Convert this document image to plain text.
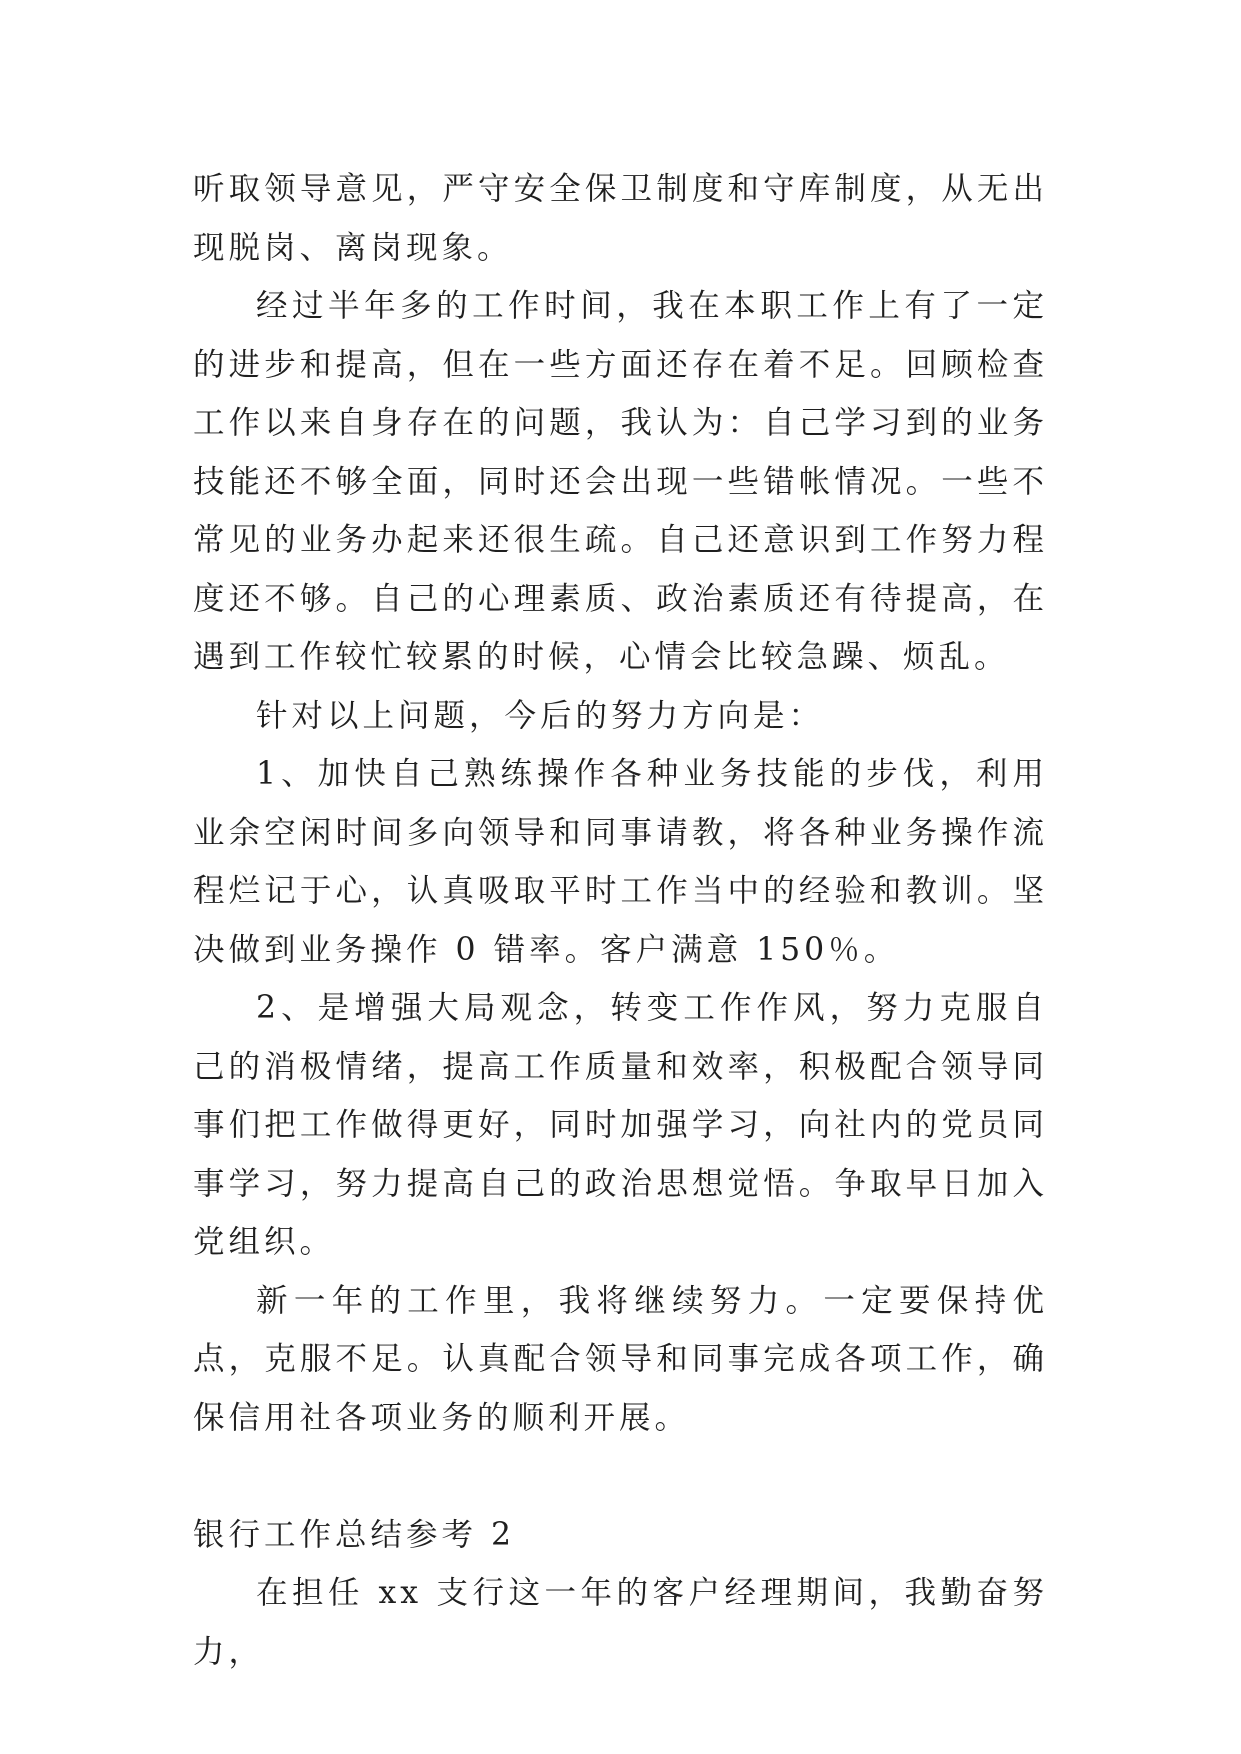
听取领导意见，严守安全保卫制度和守库制度，从无出现脱岗、离岗现象。

经过半年多的工作时间，我在本职工作上有了一定的进步和提高，但在一些方面还存在着不足。回顾检查工作以来自身存在的问题，我认为：自己学习到的业务技能还不够全面，同时还会出现一些错帐情况。一些不常见的业务办起来还很生疏。自己还意识到工作努力程度还不够。自己的心理素质、政治素质还有待提高，在遇到工作较忙较累的时候，心情会比较急躁、烦乱。

针对以上问题，今后的努力方向是：

1、加快自己熟练操作各种业务技能的步伐，利用业余空闲时间多向领导和同事请教，将各种业务操作流程烂记于心，认真吸取平时工作当中的经验和教训。坚决做到业务操作 0 错率。客户满意 150％。

2、是增强大局观念，转变工作作风，努力克服自己的消极情绪，提高工作质量和效率，积极配合领导同事们把工作做得更好，同时加强学习，向社内的党员同事学习，努力提高自己的政治思想觉悟。争取早日加入党组织。

新一年的工作里，我将继续努力。一定要保持优点，克服不足。认真配合领导和同事完成各项工作，确保信用社各项业务的顺利开展。

银行工作总结参考 2

在担任 xx 支行这一年的客户经理期间，我勤奋努力，
